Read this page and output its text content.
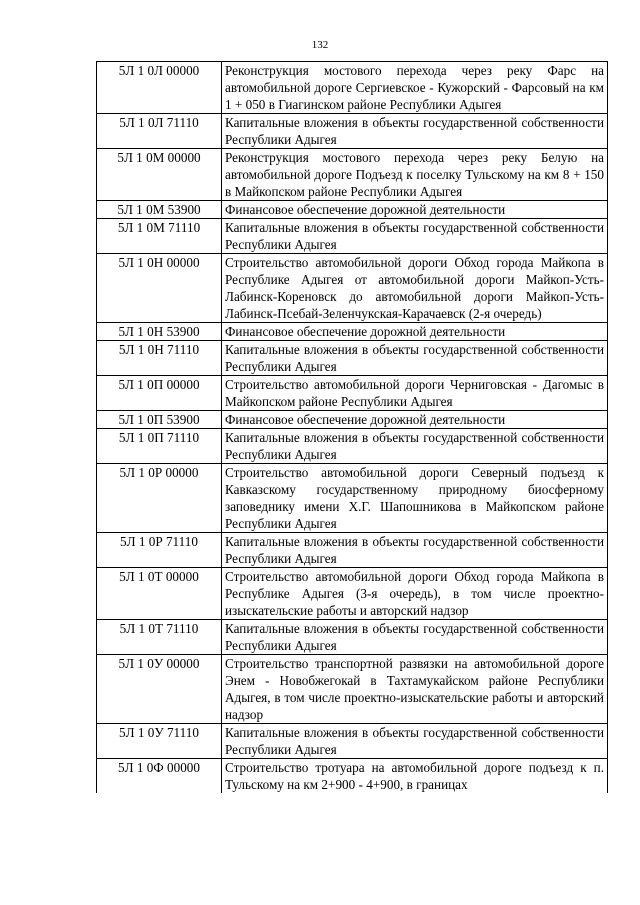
132
5Л 1 0Л 00000	Реконструкция мостового перехода через реку Фарс на автомобильной дороге Сергиевское - Кужорский - Фарсовый на км 1 + 050 в Гиагинском районе Республики Адыгея
5Л 1 0Л 71110	Капитальные вложения в объекты государственной собственности Республики Адыгея
5Л 1 0М 00000	Реконструкция мостового перехода через реку Белую на автомобильной дороге Подъезд к поселку Тульскому на км 8 + 150 в Майкопском районе Республики Адыгея
5Л 1 0М 53900	Финансовое обеспечение дорожной деятельности
5Л 1 0М 71110	Капитальные вложения в объекты государственной собственности Республики Адыгея
5Л 1 0Н 00000	Строительство автомобильной дороги Обход города Майкопа в Республике Адыгея от автомобильной дороги Майкоп-Усть-Лабинск-Кореновск до автомобильной дороги Майкоп-Усть-Лабинск-Псебай-Зеленчукская-Карачаевск (2-я очередь)
5Л 1 0Н 53900	Финансовое обеспечение дорожной деятельности
5Л 1 0Н 71110	Капитальные вложения в объекты государственной собственности Республики Адыгея
5Л 1 0П 00000	Строительство автомобильной дороги Черниговская - Дагомыс в Майкопском районе Республики Адыгея
5Л 1 0П 53900	Финансовое обеспечение дорожной деятельности
5Л 1 0П 71110	Капитальные вложения в объекты государственной собственности Республики Адыгея
5Л 1 0Р 00000	Строительство автомобильной дороги Северный подъезд к Кавказскому государственному природному биосферному заповеднику имени Х.Г. Шапошникова в Майкопском районе Республики Адыгея
5Л 1 0Р 71110	Капитальные вложения в объекты государственной собственности Республики Адыгея
5Л 1 0Т 00000	Строительство автомобильной дороги Обход города Майкопа в Республике Адыгея (3-я очередь), в том числе проектно-изыскательские работы и авторский надзор
5Л 1 0Т 71110	Капитальные вложения в объекты государственной собственности Республики Адыгея
5Л 1 0У 00000	Строительство транспортной развязки на автомобильной дороге Энем - Новобжегокай в Тахтамукайском районе Республики Адыгея, в том числе проектно-изыскательские работы и авторский надзор
5Л 1 0У 71110	Капитальные вложения в объекты государственной собственности Республики Адыгея
5Л 1 0Ф 00000	Строительство тротуара на автомобильной дороге подъезд к п. Тульскому на км 2+900 - 4+900, в границах
